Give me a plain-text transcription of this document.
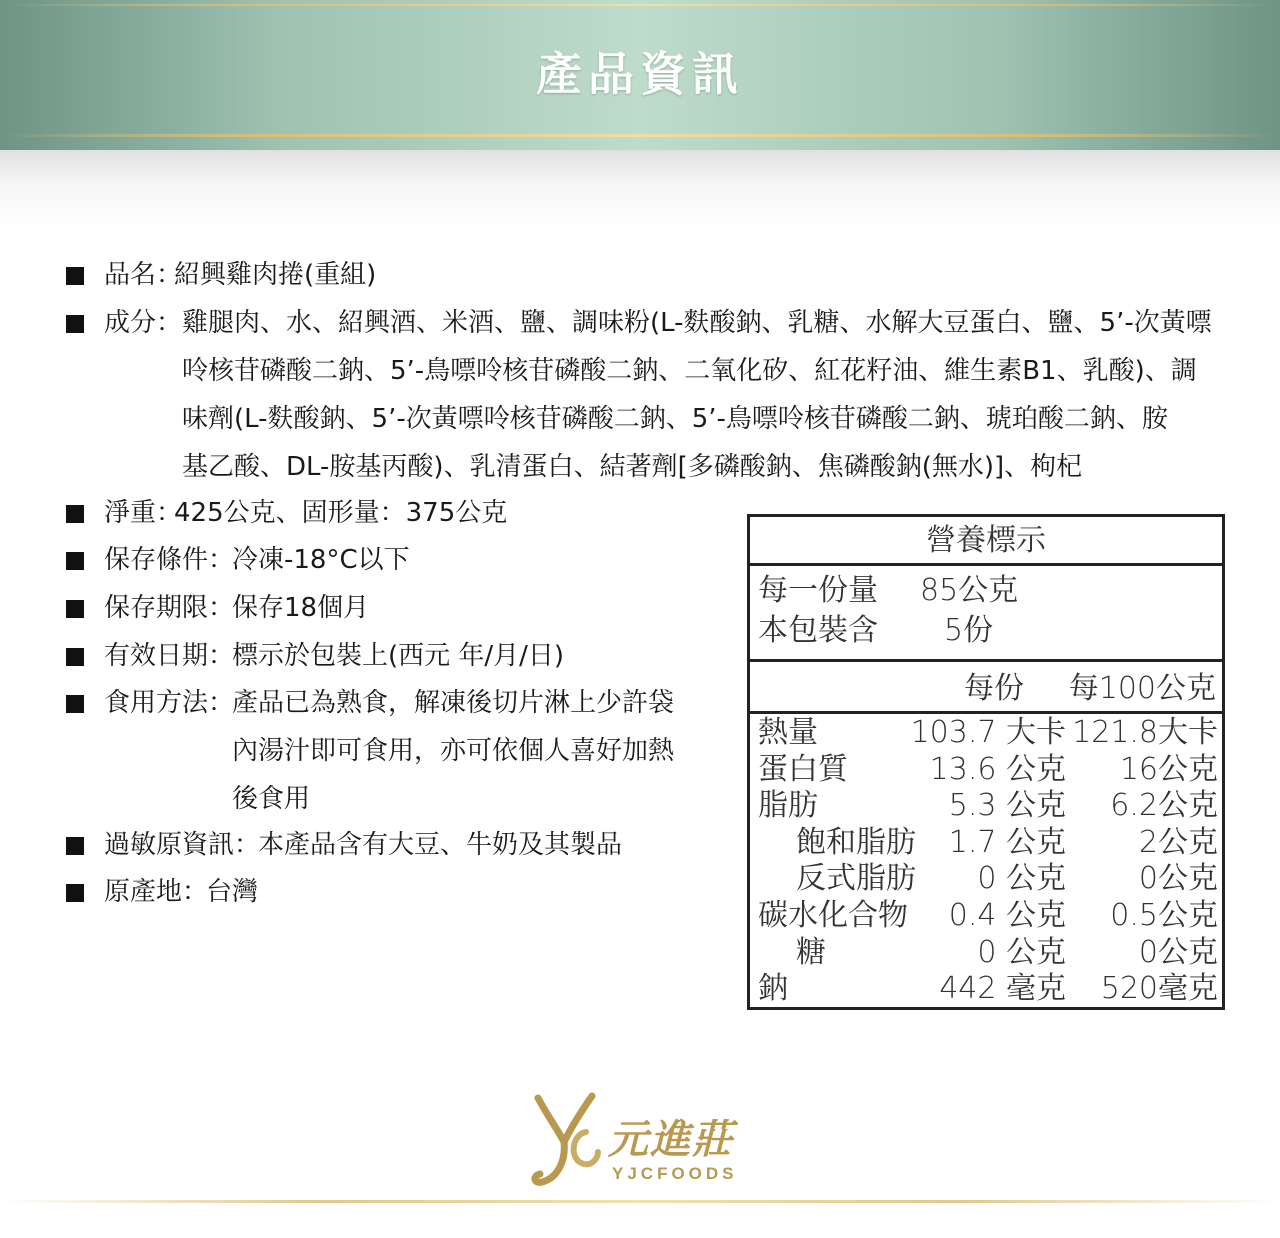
產品資訊
品名：
紹興雞肉捲(重組)
成分： 雞腿肉、水、紹興酒、米酒、鹽、調味粉(L-麩酸鈉、乳糖、水解大豆蛋白、鹽、5’-次黃嘌
呤核苷磷酸二鈉、5’-鳥嘌呤核苷磷酸二鈉、二氧化矽、紅花籽油、維生素B1、乳酸)、調
味劑(L-麩酸鈉、5’-次黃嘌呤核苷磷酸二鈉、5’-鳥嘌呤核苷磷酸二鈉、琥珀酸二鈉、胺
基乙酸、DL-胺基丙酸)、乳清蛋白、結著劑[多磷酸鈉、焦磷酸鈉(無水)]、枸杞
淨重：
425公克、固形量：375公克
保存條件：
冷凍-18°C以下
保存期限：
保存18個月
有效日期：
標示於包裝上(西元 年/月/日)
食用方法：
產品已為熟食，解凍後切片淋上少許袋
內湯汁即可食用，亦可依個人喜好加熱
後食用
過敏原資訊：
本產品含有大豆、牛奶及其製品
原產地：
台灣
營養標示
每一份量 85公克
本包裝含 5份
每份 每100公克
熱量	103.7 大卡 121.8大卡
蛋白質	13.6 公克 16公克
脂肪	5.3 公克 6.2公克
飽和脂肪 1.7 公克 2公克
反式脂肪 0 公克 0公克
碳水化合物 0.4 公克 0.5公克
糖	0 公克 0公克
鈉	442 毫克 520毫克
元進莊
YJCFOODS
